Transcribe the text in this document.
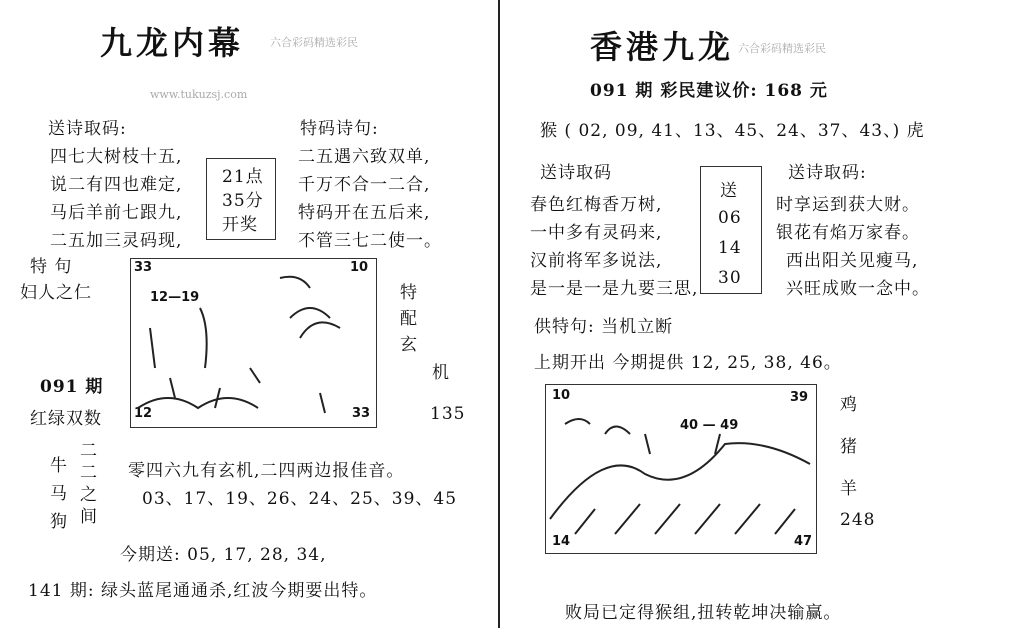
九龙内幕 六合彩码精选彩民
www.tukuzsj.com
送诗取码:	特码诗句:
四七大树枝十五,
说二有四也难定,
马后羊前七跟九,
二五加三灵码现,
21点
35分
开奖
二五遇六致双单,
千万不合一二合,
特码开在五后来,
不管三七二使一。
特 句
妇人之仁
33	10
12	33
12—19	特
配
玄
机
135
091 期
红绿双数
牛
马
狗
二
二
之
间
零四六九有玄机,二四两边报佳音。
03、17、19、26、24、25、39、45
今期送: 05, 17, 28, 34,
141 期: 绿头蓝尾通通杀,红波今期要出特。
香港九龙 六合彩码精选彩民
091 期 彩民建议价: 168 元
猴 ( 02, 09, 41、13、45、24、37、43、) 虎
送诗取码	送诗取码:
春色红梅香万树,
一中多有灵码来,
汉前将军多说法,
是一是一是九要三思,
送
06
14
30
时享运到获大财。
银花有焰万家春。
西出阳关见瘦马,
兴旺成败一念中。
供特句: 当机立断
上期开出 今期提供 12, 25, 38, 46。
10	39
14	47
40 — 49
鸡
猪
羊
248
败局已定得猴组,扭转乾坤决输赢。
